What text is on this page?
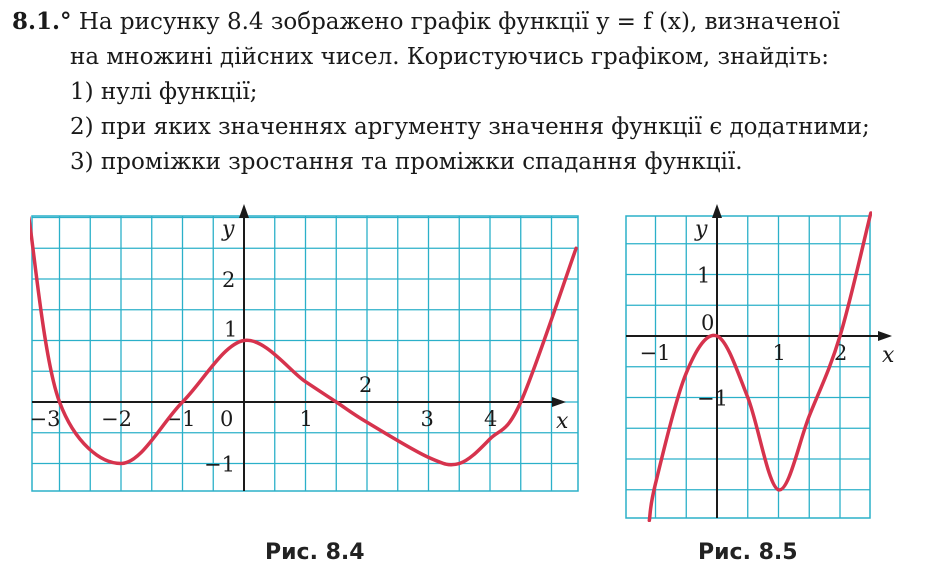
8.1.° На рисунку 8.4 зображено графік функції y = f (x), визначеної
на множині дійсних чисел. Користуючись графіком, знайдіть:
1) нулі функції;
2) при яких значеннях аргументу значення функції є додатними;
3) проміжки зростання та проміжки спадання функції.
x
y
−3 −2 −1 0	1
2
3 4
2
1
−1
x
y
−1	1 2
1
0
−1
Рис. 8.4	Рис. 8.5
